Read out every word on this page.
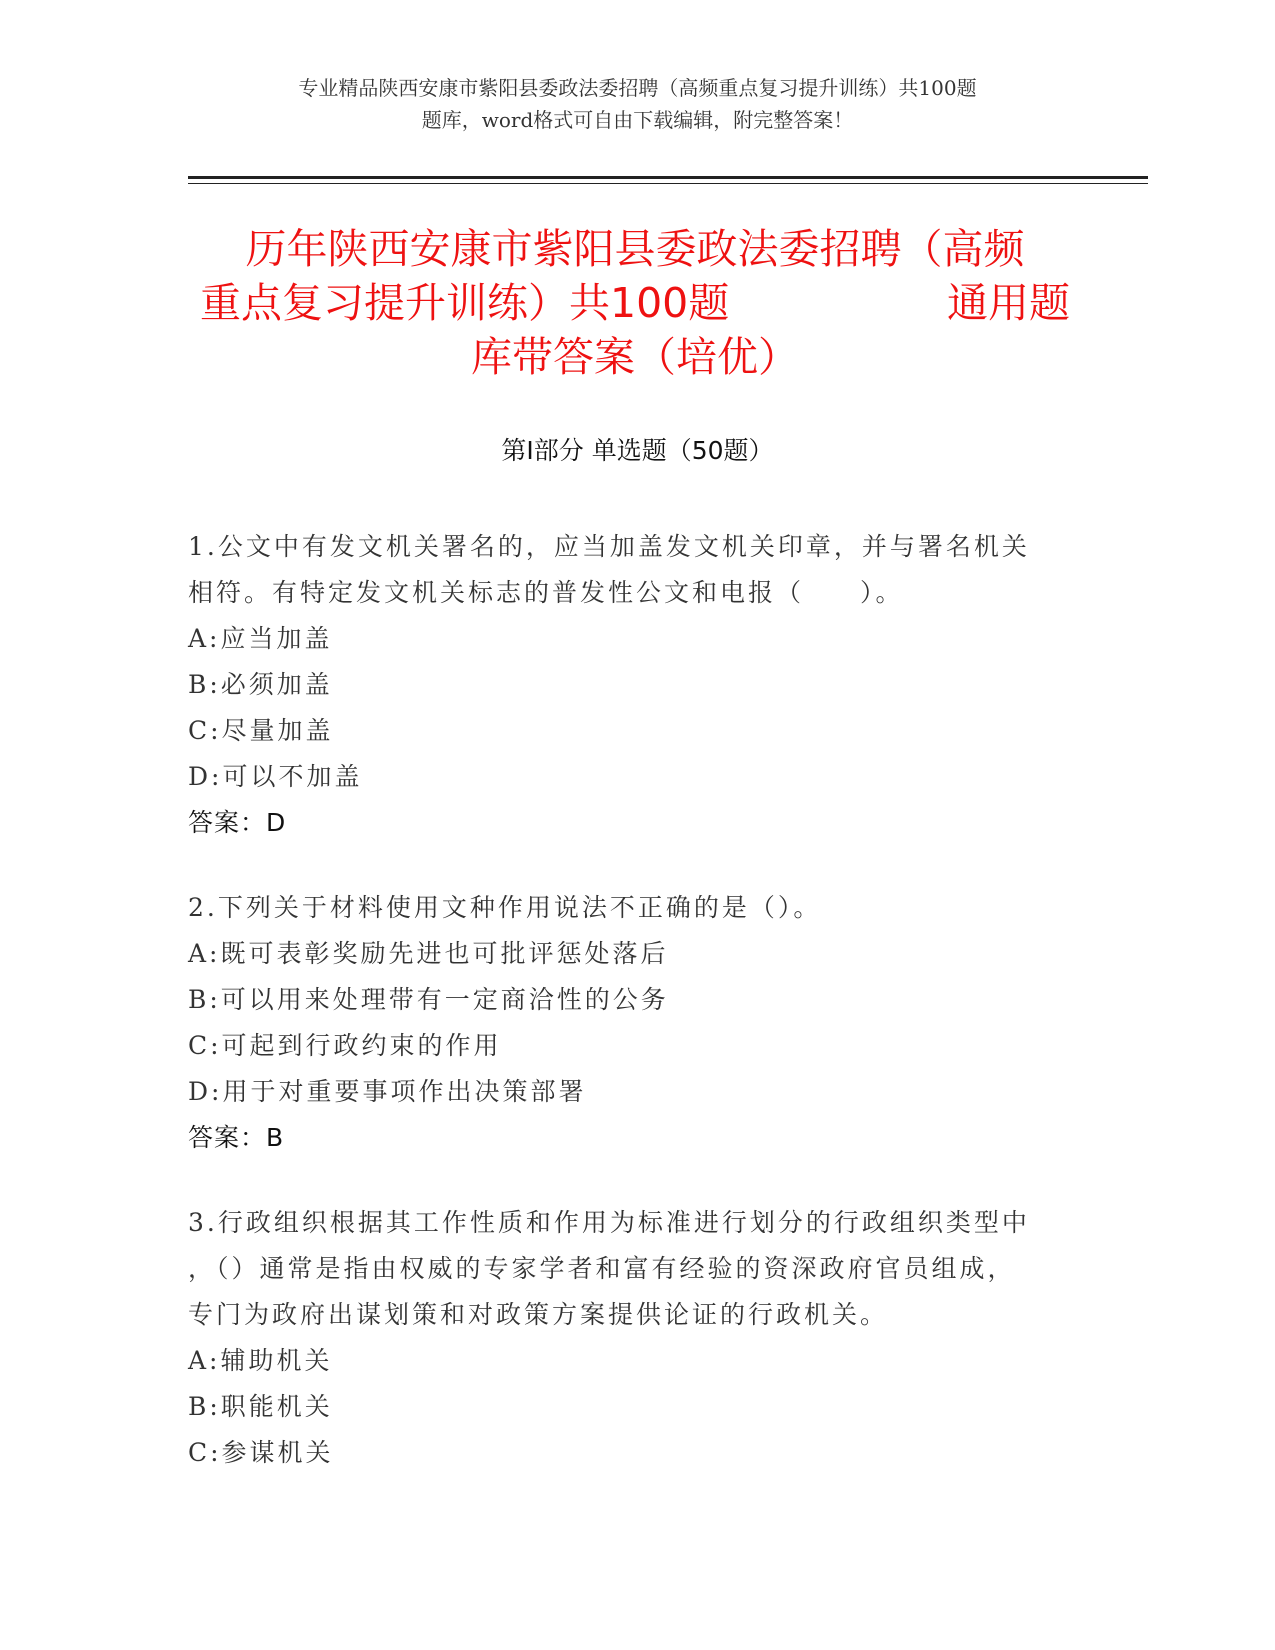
专业精品陕西安康市紫阳县委政法委招聘（高频重点复习提升训练）共100题
题库，word格式可自由下载编辑，附完整答案！
历年陕西安康市紫阳县委政法委招聘（高频
重点复习提升训练）共100题	通用题
库带答案（培优）
第Ⅰ部分 单选题（50题）
1.公文中有发文机关署名的，应当加盖发文机关印章，并与署名机关
相符。有特定发文机关标志的普发性公文和电报（　　）。
A:应当加盖
B:必须加盖
C:尽量加盖
D:可以不加盖
答案：D
2.下列关于材料使用文种作用说法不正确的是（）。
A:既可表彰奖励先进也可批评惩处落后
B:可以用来处理带有一定商洽性的公务
C:可起到行政约束的作用
D:用于对重要事项作出决策部署
答案：B
3.行政组织根据其工作性质和作用为标准进行划分的行政组织类型中
，（）通常是指由权威的专家学者和富有经验的资深政府官员组成，
专门为政府出谋划策和对政策方案提供论证的行政机关。
A:辅助机关
B:职能机关
C:参谋机关
